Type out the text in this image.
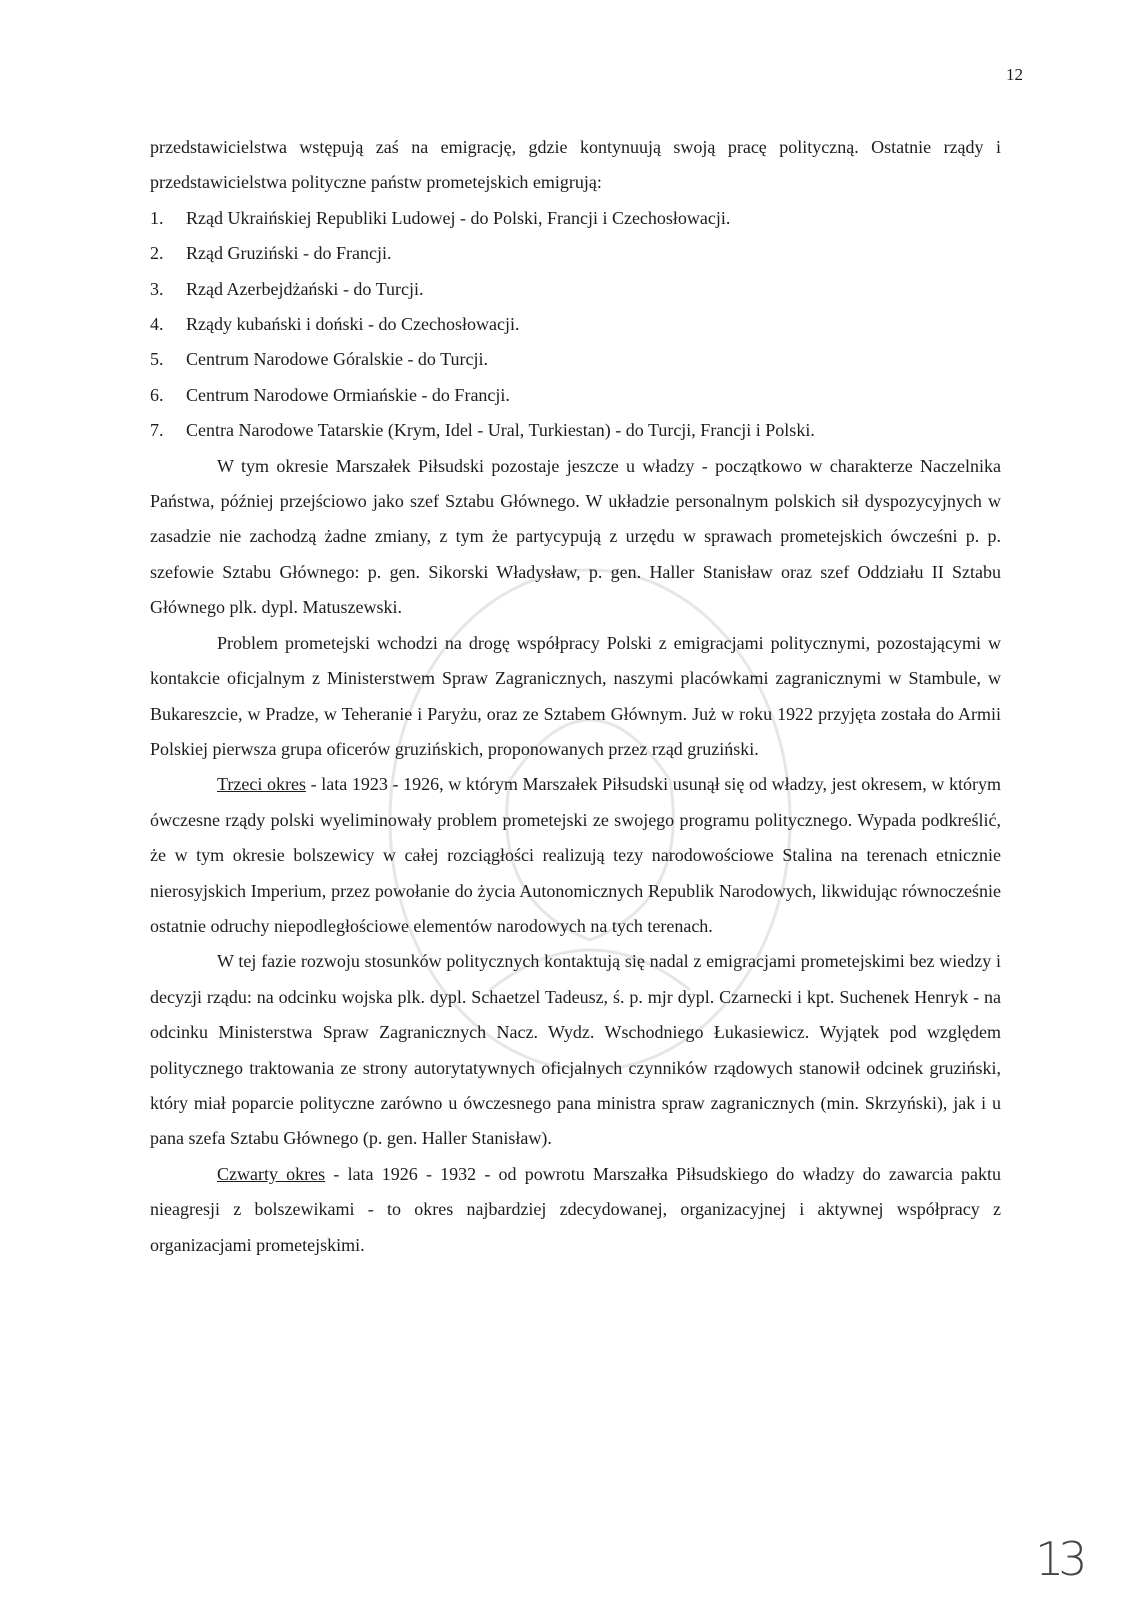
12

przedstawicielstwa wstępują zaś na emigrację, gdzie kontynuują swoją pracę polityczną. Ostatnie rządy i przedstawicielstwa polityczne państw prometejskich emigrują:

1.	Rząd Ukraińskiej Republiki Ludowej - do Polski, Francji i Czechosłowacji.
2.	Rząd Gruziński - do Francji.
3.	Rząd Azerbejdżański - do Turcji.
4.	Rządy kubański i doński - do Czechosłowacji.
5.	Centrum Narodowe Góralskie - do Turcji.
6.	Centrum Narodowe Ormiańskie - do Francji.
7.	Centra Narodowe Tatarskie (Krym, Idel - Ural, Turkiestan) - do Turcji, Francji i Polski.

W tym okresie Marszałek Piłsudski pozostaje jeszcze u władzy - początkowo w charakterze Naczelnika Państwa, później przejściowo jako szef Sztabu Głównego. W układzie personalnym polskich sił dyspozycyjnych w zasadzie nie zachodzą żadne zmiany, z tym że partycypują z urzędu w sprawach prometejskich ówcześni p. p. szefowie Sztabu Głównego: p. gen. Sikorski Władysław, p. gen. Haller Stanisław oraz szef Oddziału II Sztabu Głównego plk. dypl. Matuszewski.

Problem prometejski wchodzi na drogę współpracy Polski z emigracjami politycznymi, pozostającymi w kontakcie oficjalnym z Ministerstwem Spraw Zagranicznych, naszymi placówkami zagranicznymi w Stambule, w Bukareszcie, w Pradze, w Teheranie i Paryżu, oraz ze Sztabem Głównym. Już w roku 1922 przyjęta została do Armii Polskiej pierwsza grupa oficerów gruzińskich, proponowanych przez rząd gruziński.

Trzeci okres - lata 1923 - 1926, w którym Marszałek Piłsudski usunął się od władzy, jest okresem, w którym ówczesne rządy polski wyeliminowały problem prometejski ze swojego programu politycznego. Wypada podkreślić, że w tym okresie bolszewicy w całej rozciągłości realizują tezy narodowościowe Stalina na terenach etnicznie nierosyjskich Imperium, przez powołanie do życia Autonomicznych Republik Narodowych, likwidując równocześnie ostatnie odruchy niepodległościowe elementów narodowych na tych terenach.

W tej fazie rozwoju stosunków politycznych kontaktują się nadal z emigracjami prometejskimi bez wiedzy i decyzji rządu: na odcinku wojska plk. dypl. Schaetzel Tadeusz, ś. p. mjr dypl. Czarnecki i kpt. Suchenek Henryk - na odcinku Ministerstwa Spraw Zagranicznych Nacz. Wydz. Wschodniego Łukasiewicz. Wyjątek pod względem politycznego traktowania ze strony autorytatywnych oficjalnych czynników rządowych stanowił odcinek gruziński, który miał poparcie polityczne zarówno u ówczesnego pana ministra spraw zagranicznych (min. Skrzyński), jak i u pana szefa Sztabu Głównego (p. gen. Haller Stanisław).

Czwarty okres - lata 1926 - 1932 - od powrotu Marszałka Piłsudskiego do władzy do zawarcia paktu nieagresji z bolszewikami - to okres najbardziej zdecydowanej, organizacyjnej i aktywnej współpracy z organizacjami prometejskimi.

13
